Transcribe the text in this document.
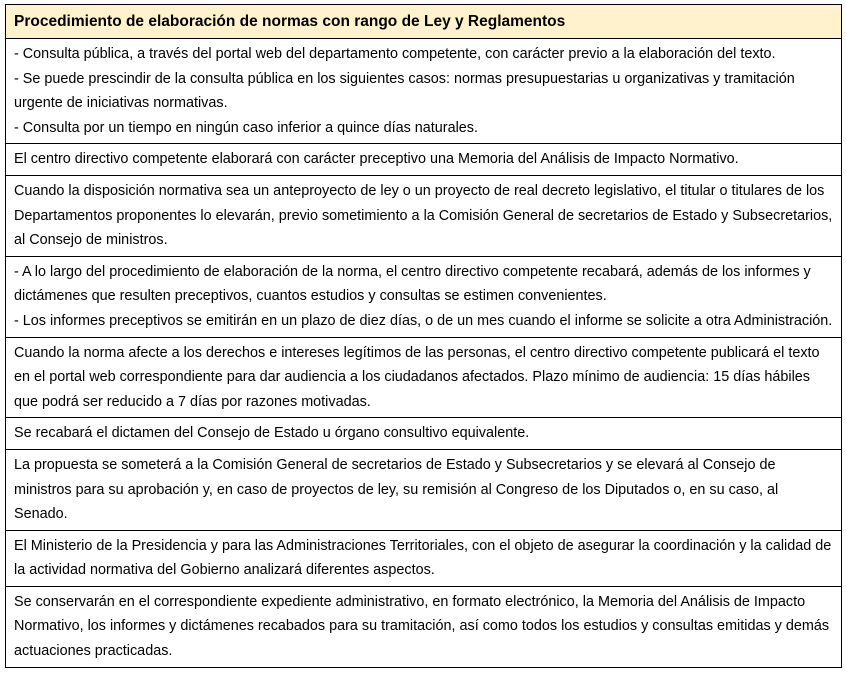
Procedimiento de elaboración de normas con rango de Ley y Reglamentos
- Consulta pública, a través del portal web del departamento competente, con carácter previo a la elaboración del texto.
- Se puede prescindir de la consulta pública en los siguientes casos: normas presupuestarias u organizativas y tramitación urgente de iniciativas normativas.
- Consulta por un tiempo en ningún caso inferior a quince días naturales.
El centro directivo competente elaborará con carácter preceptivo una Memoria del Análisis de Impacto Normativo.
Cuando la disposición normativa sea un anteproyecto de ley o un proyecto de real decreto legislativo, el titular o titulares de los Departamentos proponentes lo elevarán, previo sometimiento a la Comisión General de secretarios de Estado y Subsecretarios, al Consejo de ministros.
- A lo largo del procedimiento de elaboración de la norma, el centro directivo competente recabará, además de los informes y dictámenes que resulten preceptivos, cuantos estudios y consultas se estimen convenientes.
- Los informes preceptivos se emitirán en un plazo de diez días, o de un mes cuando el informe se solicite a otra Administración.
Cuando la norma afecte a los derechos e intereses legítimos de las personas, el centro directivo competente publicará el texto en el portal web correspondiente para dar audiencia a los ciudadanos afectados. Plazo mínimo de audiencia: 15 días hábiles que podrá ser reducido a 7 días por razones motivadas.
Se recabará el dictamen del Consejo de Estado u órgano consultivo equivalente.
La propuesta se someterá a la Comisión General de secretarios de Estado y Subsecretarios y se elevará al Consejo de ministros para su aprobación y, en caso de proyectos de ley, su remisión al Congreso de los Diputados o, en su caso, al Senado.
El Ministerio de la Presidencia y para las Administraciones Territoriales, con el objeto de asegurar la coordinación y la calidad de la actividad normativa del Gobierno analizará diferentes aspectos.
Se conservarán en el correspondiente expediente administrativo, en formato electrónico, la Memoria del Análisis de Impacto Normativo, los informes y dictámenes recabados para su tramitación, así como todos los estudios y consultas emitidas y demás actuaciones practicadas.
